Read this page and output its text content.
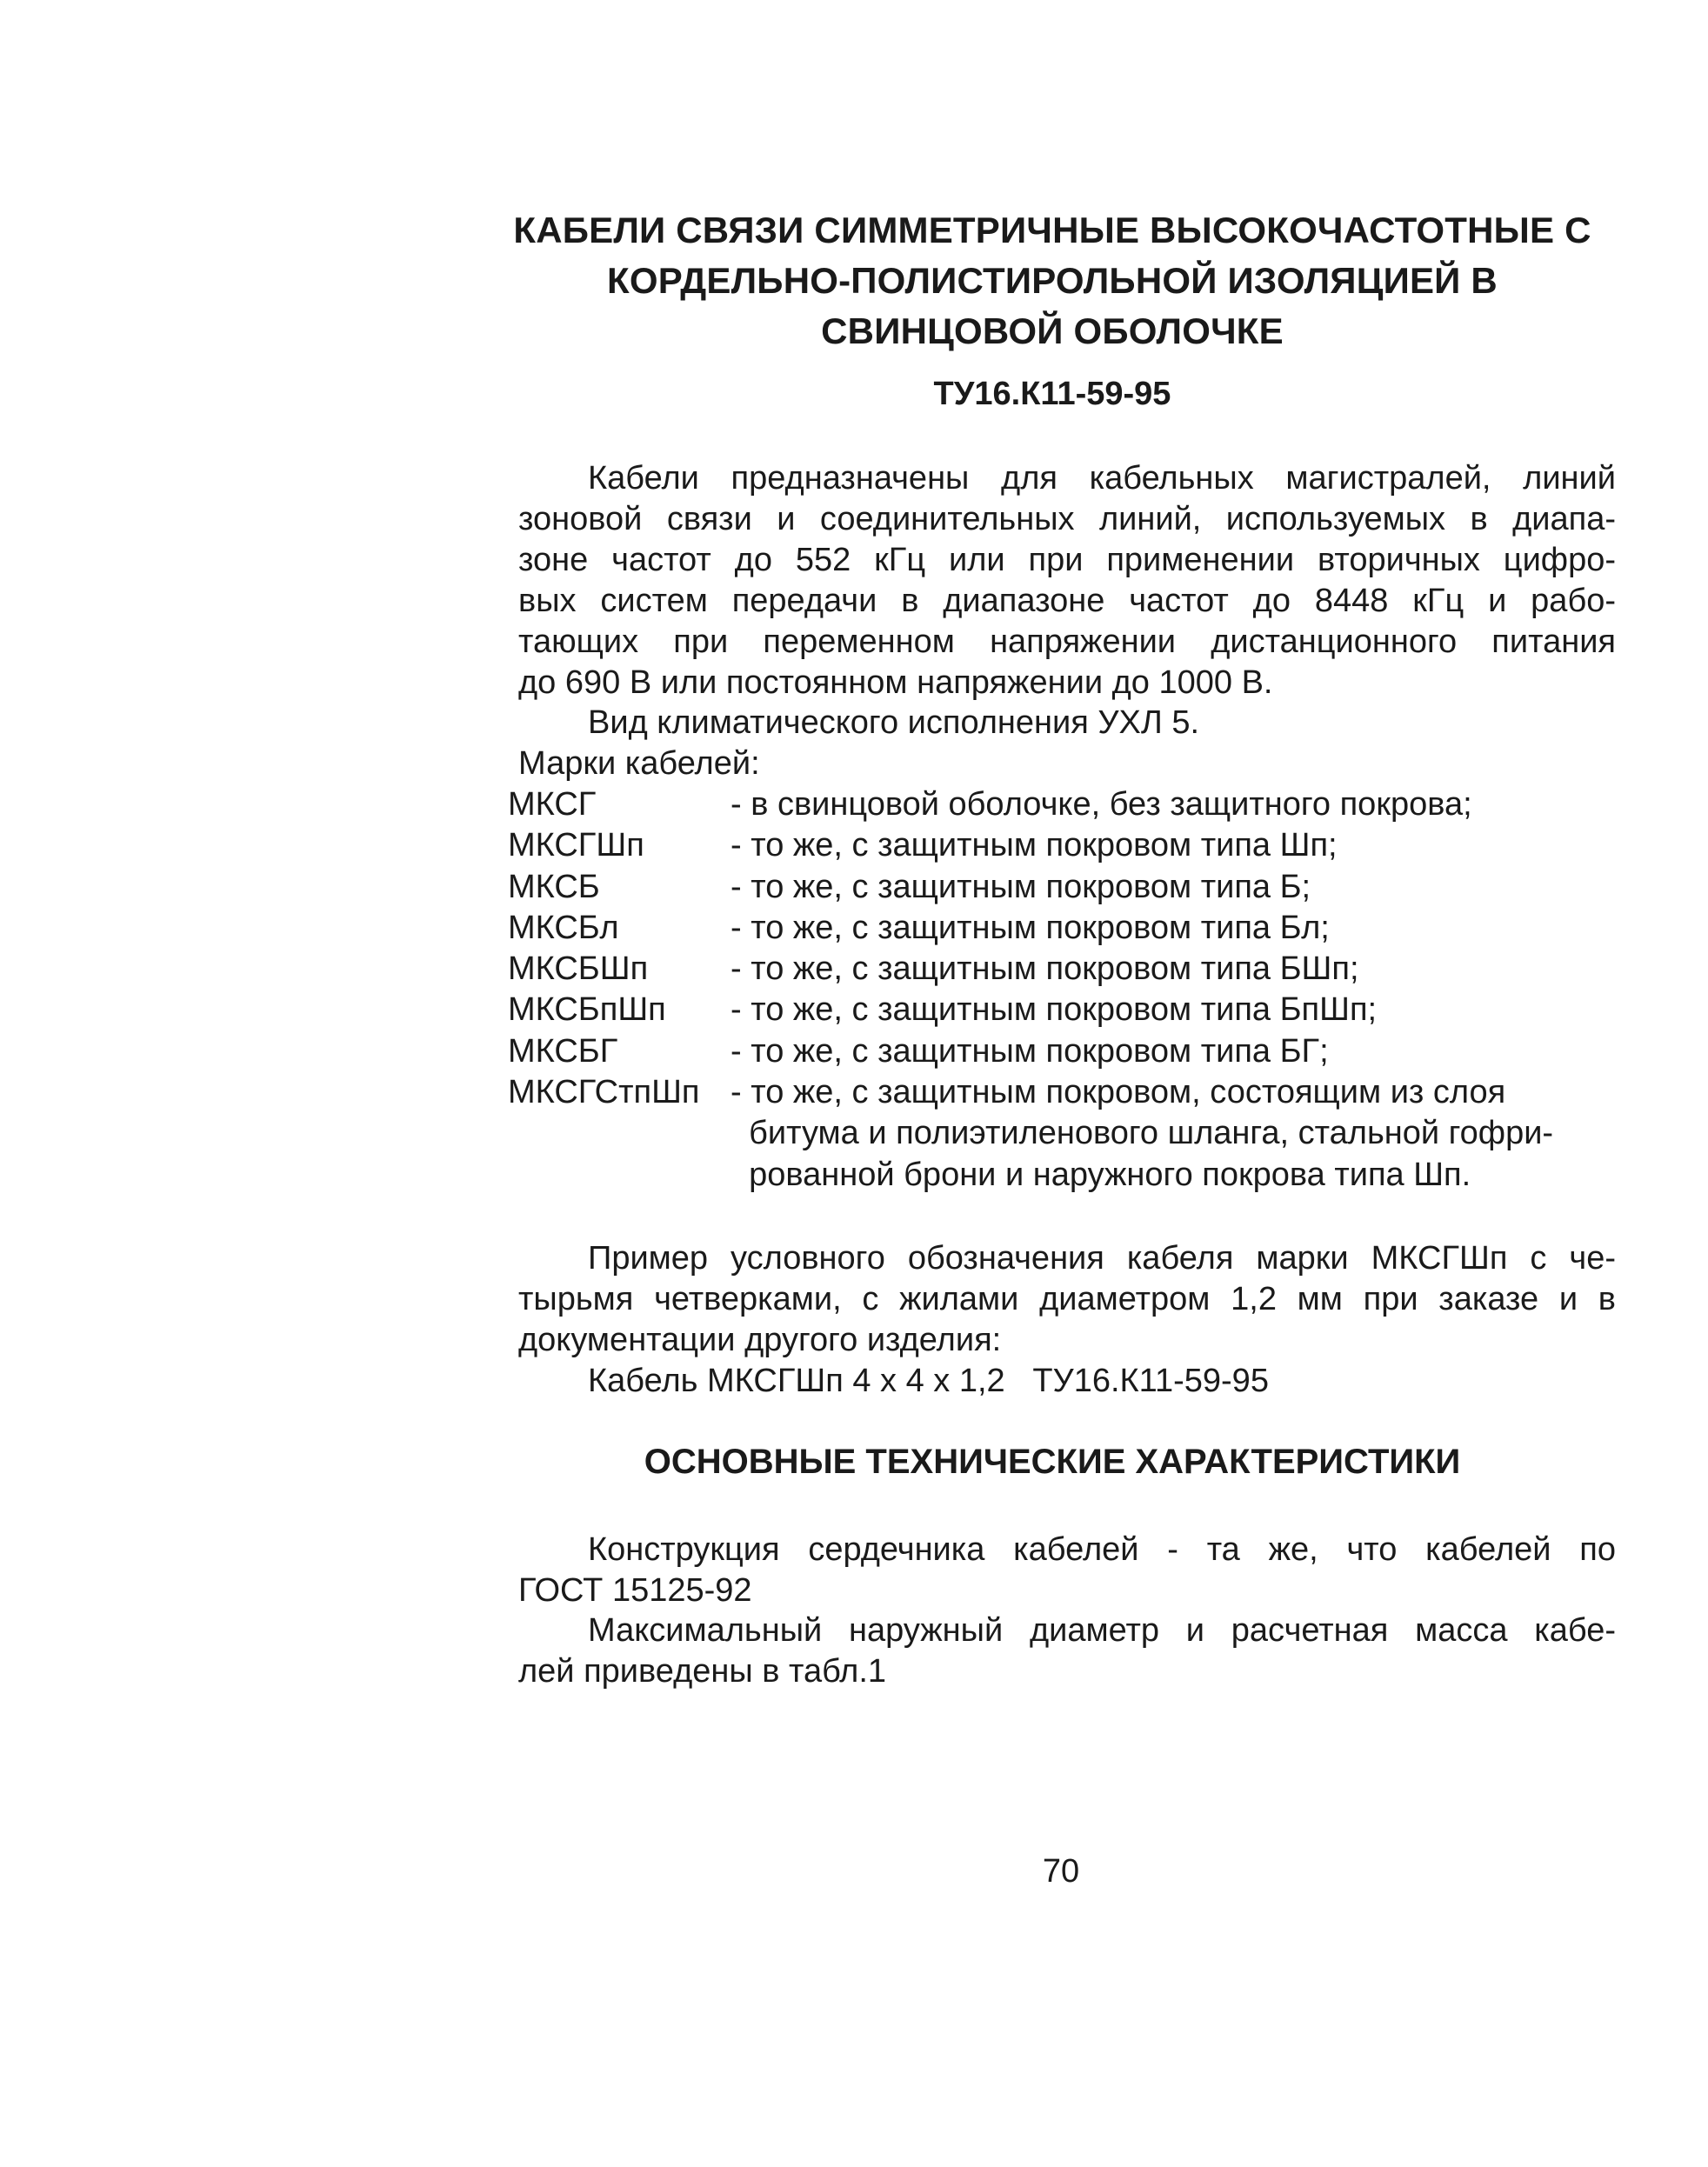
КАБЕЛИ СВЯЗИ СИММЕТРИЧНЫЕ ВЫСОКОЧАСТОТНЫЕ С
КОРДЕЛЬНО-ПОЛИСТИРОЛЬНОЙ ИЗОЛЯЦИЕЙ В
СВИНЦОВОЙ ОБОЛОЧКЕ
ТУ16.К11-59-95

Кабели предназначены для кабельных магистралей, линий
зоновой связи и соединительных линий, используемых в диапа-
зоне частот до 552 кГц или при применении вторичных цифро-
вых систем передачи в диапазоне частот до 8448 кГц и рабо-
тающих при переменном напряжении дистанционного питания
до 690 В или постоянном напряжении до 1000 В.

Вид климатического исполнения УХЛ 5.

Марки кабелей:

МКСГ	- в свинцовой оболочке, без защитного покрова;
МКСГШп	- то же, с защитным покровом типа Шп;
МКСБ	- то же, с защитным покровом типа Б;
МКСБл	- то же, с защитным покровом типа Бл;
МКСБШп	- то же, с защитным покровом типа БШп;
МКСБпШп	- то же, с защитным покровом типа БпШп;
МКСБГ	- то же, с защитным покровом типа БГ;
МКСГСтпШп - то же, с защитным покровом, состоящим из слоя
битума и полиэтиленового шланга, стальной гофри-
рованной брони и наружного покрова типа Шп.

Пример условного обозначения кабеля марки МКСГШп с че-
тырьмя четверками, с жилами диаметром 1,2 мм при заказе и в
документации другого изделия:
Кабель МКСГШп 4 х 4 х 1,2   ТУ16.К11-59-95

ОСНОВНЫЕ ТЕХНИЧЕСКИЕ ХАРАКТЕРИСТИКИ

Конструкция сердечника кабелей - та же, что кабелей по
ГОСТ 15125-92

Максимальный наружный диаметр и расчетная масса кабе-
лей приведены в табл.1

70
